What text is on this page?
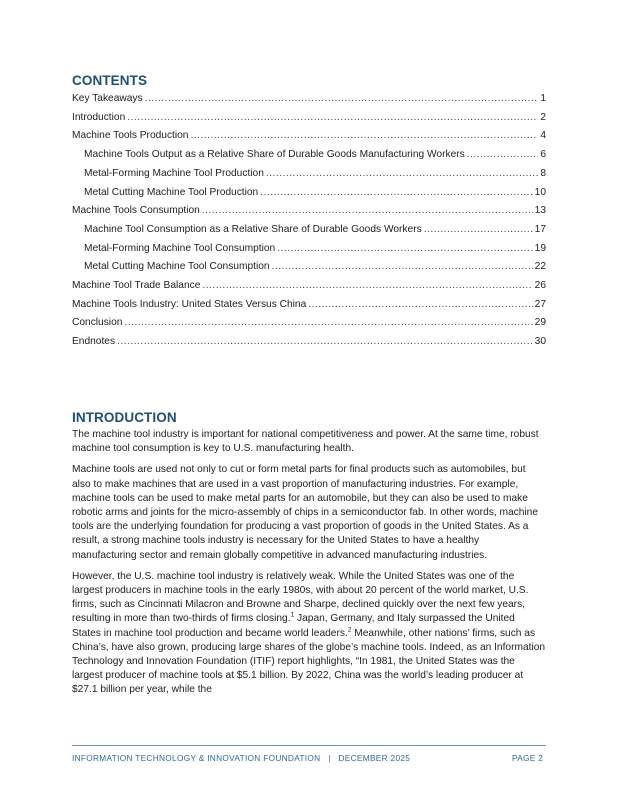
CONTENTS
Key Takeaways .....	1
Introduction .....	2
Machine Tools Production .....	4
Machine Tools Output as a Relative Share of Durable Goods Manufacturing Workers .....	6
Metal-Forming Machine Tool Production .....	8
Metal Cutting Machine Tool Production .....	10
Machine Tools Consumption .....	13
Machine Tool Consumption as a Relative Share of Durable Goods Workers .....	17
Metal-Forming Machine Tool Consumption .....	19
Metal Cutting Machine Tool Consumption .....	22
Machine Tool Trade Balance .....	26
Machine Tools Industry: United States Versus China .....	27
Conclusion .....	29
Endnotes .....	30
INTRODUCTION

The machine tool industry is important for national competitiveness and power. At the same time, robust machine tool consumption is key to U.S. manufacturing health.

Machine tools are used not only to cut or form metal parts for final products such as automobiles, but also to make machines that are used in a vast proportion of manufacturing industries. For example, machine tools can be used to make metal parts for an automobile, but they can also be used to make robotic arms and joints for the micro-assembly of chips in a semiconductor fab. In other words, machine tools are the underlying foundation for producing a vast proportion of goods in the United States. As a result, a strong machine tools industry is necessary for the United States to have a healthy manufacturing sector and remain globally competitive in advanced manufacturing industries.

However, the U.S. machine tool industry is relatively weak. While the United States was one of the largest producers in machine tools in the early 1980s, with about 20 percent of the world market, U.S. firms, such as Cincinnati Milacron and Browne and Sharpe, declined quickly over the next few years, resulting in more than two-thirds of firms closing.$^1$ Japan, Germany, and Italy surpassed the United States in machine tool production and became world leaders.$^2$ Meanwhile, other nations’ firms, such as China’s, have also grown, producing large shares of the globe’s machine tools. Indeed, as an Information Technology and Innovation Foundation (ITIF) report highlights, “In 1981, the United States was the largest producer of machine tools at $5.1 billion. By 2022, China was the world’s leading producer at $27.1 billion per year, while the

INFORMATION TECHNOLOGY & INNOVATION FOUNDATION   |   DECEMBER 2025	PAGE 2
